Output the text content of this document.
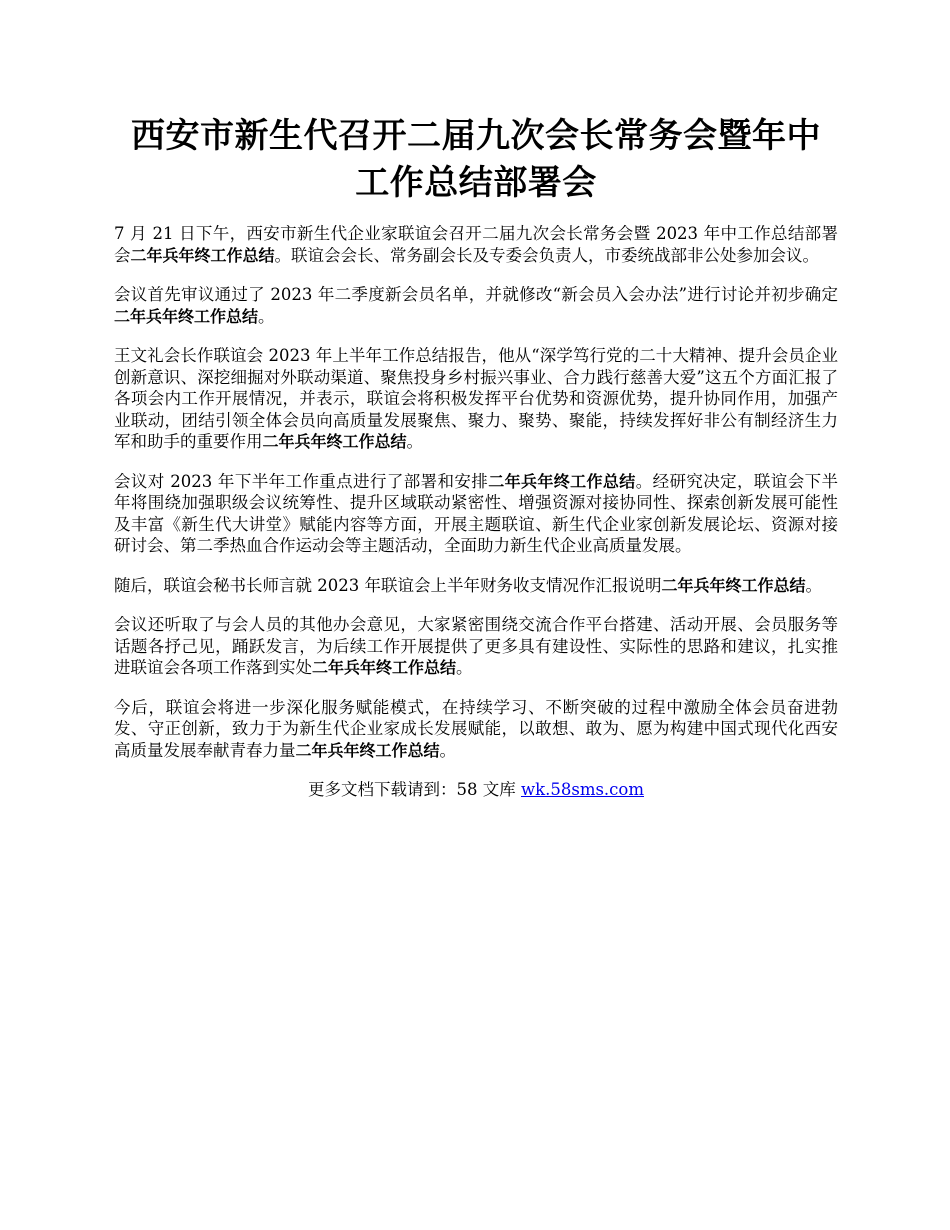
西安市新生代召开二届九次会长常务会暨年中工作总结部署会

7 月 21 日下午，西安市新生代企业家联谊会召开二届九次会长常务会暨 2023 年中工作总结部署会二年兵年终工作总结。联谊会会长、常务副会长及专委会负责人，市委统战部非公处参加会议。

会议首先审议通过了 2023 年二季度新会员名单，并就修改“新会员入会办法”进行讨论并初步确定二年兵年终工作总结。

王文礼会长作联谊会 2023 年上半年工作总结报告，他从“深学笃行党的二十大精神、提升会员企业创新意识、深挖细掘对外联动渠道、聚焦投身乡村振兴事业、合力践行慈善大爱”这五个方面汇报了各项会内工作开展情况，并表示，联谊会将积极发挥平台优势和资源优势，提升协同作用，加强产业联动，团结引领全体会员向高质量发展聚焦、聚力、聚势、聚能，持续发挥好非公有制经济生力军和助手的重要作用二年兵年终工作总结。

会议对 2023 年下半年工作重点进行了部署和安排二年兵年终工作总结。经研究决定，联谊会下半年将围绕加强职级会议统筹性、提升区域联动紧密性、增强资源对接协同性、探索创新发展可能性及丰富《新生代大讲堂》赋能内容等方面，开展主题联谊、新生代企业家创新发展论坛、资源对接研讨会、第二季热血合作运动会等主题活动，全面助力新生代企业高质量发展。

随后，联谊会秘书长师言就 2023 年联谊会上半年财务收支情况作汇报说明二年兵年终工作总结。

会议还听取了与会人员的其他办会意见，大家紧密围绕交流合作平台搭建、活动开展、会员服务等话题各抒己见，踊跃发言，为后续工作开展提供了更多具有建设性、实际性的思路和建议，扎实推进联谊会各项工作落到实处二年兵年终工作总结。

今后，联谊会将进一步深化服务赋能模式，在持续学习、不断突破的过程中激励全体会员奋进勃发、守正创新，致力于为新生代企业家成长发展赋能，以敢想、敢为、愿为构建中国式现代化西安高质量发展奉献青春力量二年兵年终工作总结。

更多文档下载请到：58 文库 wk.58sms.com
